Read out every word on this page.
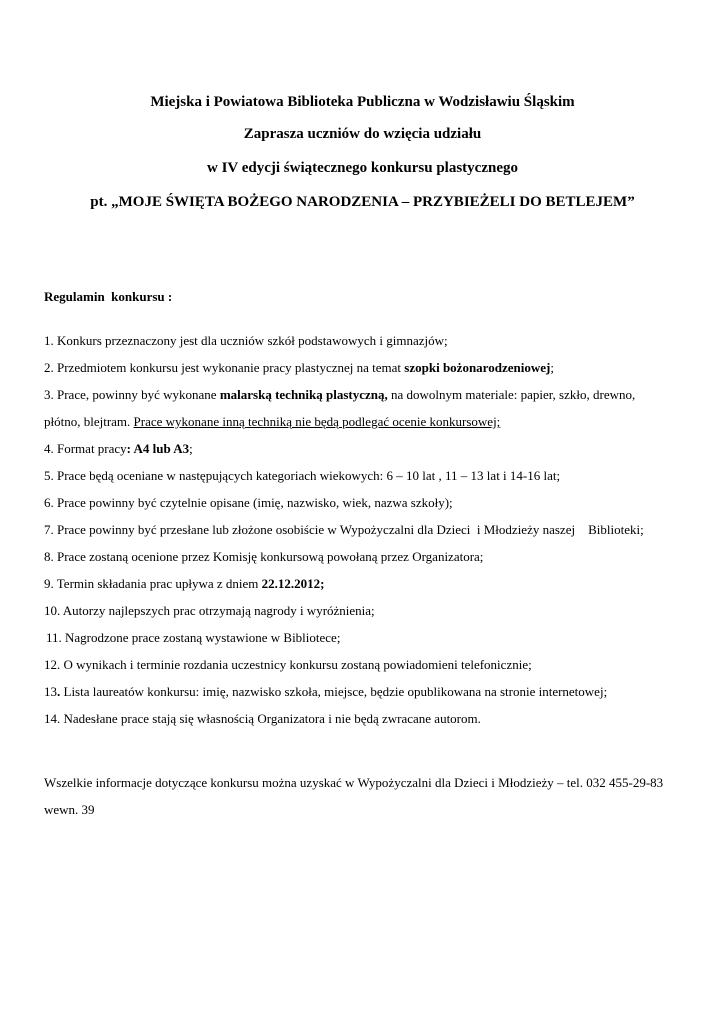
Miejska i Powiatowa Biblioteka Publiczna w Wodzisławiu Śląskim
Zaprasza uczniów do wzięcia udziału
w IV edycji świątecznego konkursu plastycznego
pt. „MOJE ŚWIĘTA BOŻEGO NARODZENIA – PRZYBIEŻELI DO BETLEJEM”
Regulamin  konkursu :
1. Konkurs przeznaczony jest dla uczniów szkół podstawowych i gimnazjów;
2. Przedmiotem konkursu jest wykonanie pracy plastycznej na temat szopki bożonarodzeniowej;
3. Prace, powinny być wykonane malarską techniką plastyczną, na dowolnym materiale: papier, szkło, drewno,
płótno, blejtram. Prace wykonane inną techniką nie będą podlegać ocenie konkursowej;
4. Format pracy: A4 lub A3;
5. Prace będą oceniane w następujących kategoriach wiekowych: 6 – 10 lat , 11 – 13 lat i 14-16 lat;
6. Prace powinny być czytelnie opisane (imię, nazwisko, wiek, nazwa szkoły);
7. Prace powinny być przesłane lub złożone osobiście w Wypożyczalni dla Dzieci  i Młodzieży naszej    Biblioteki;
8. Prace zostaną ocenione przez Komisję konkursową powołaną przez Organizatora;
9. Termin składania prac upływa z dniem 22.12.2012;
10. Autorzy najlepszych prac otrzymają nagrody i wyróżnienia;
11. Nagrodzone prace zostaną wystawione w Bibliotece;
12. O wynikach i terminie rozdania uczestnicy konkursu zostaną powiadomieni telefonicznie;
13. Lista laureatów konkursu: imię, nazwisko szkoła, miejsce, będzie opublikowana na stronie internetowej;
14. Nadesłane prace stają się własnością Organizatora i nie będą zwracane autorom.
Wszelkie informacje dotyczące konkursu można uzyskać w Wypożyczalni dla Dzieci i Młodzieży – tel. 032 455-29-83
wewn. 39
